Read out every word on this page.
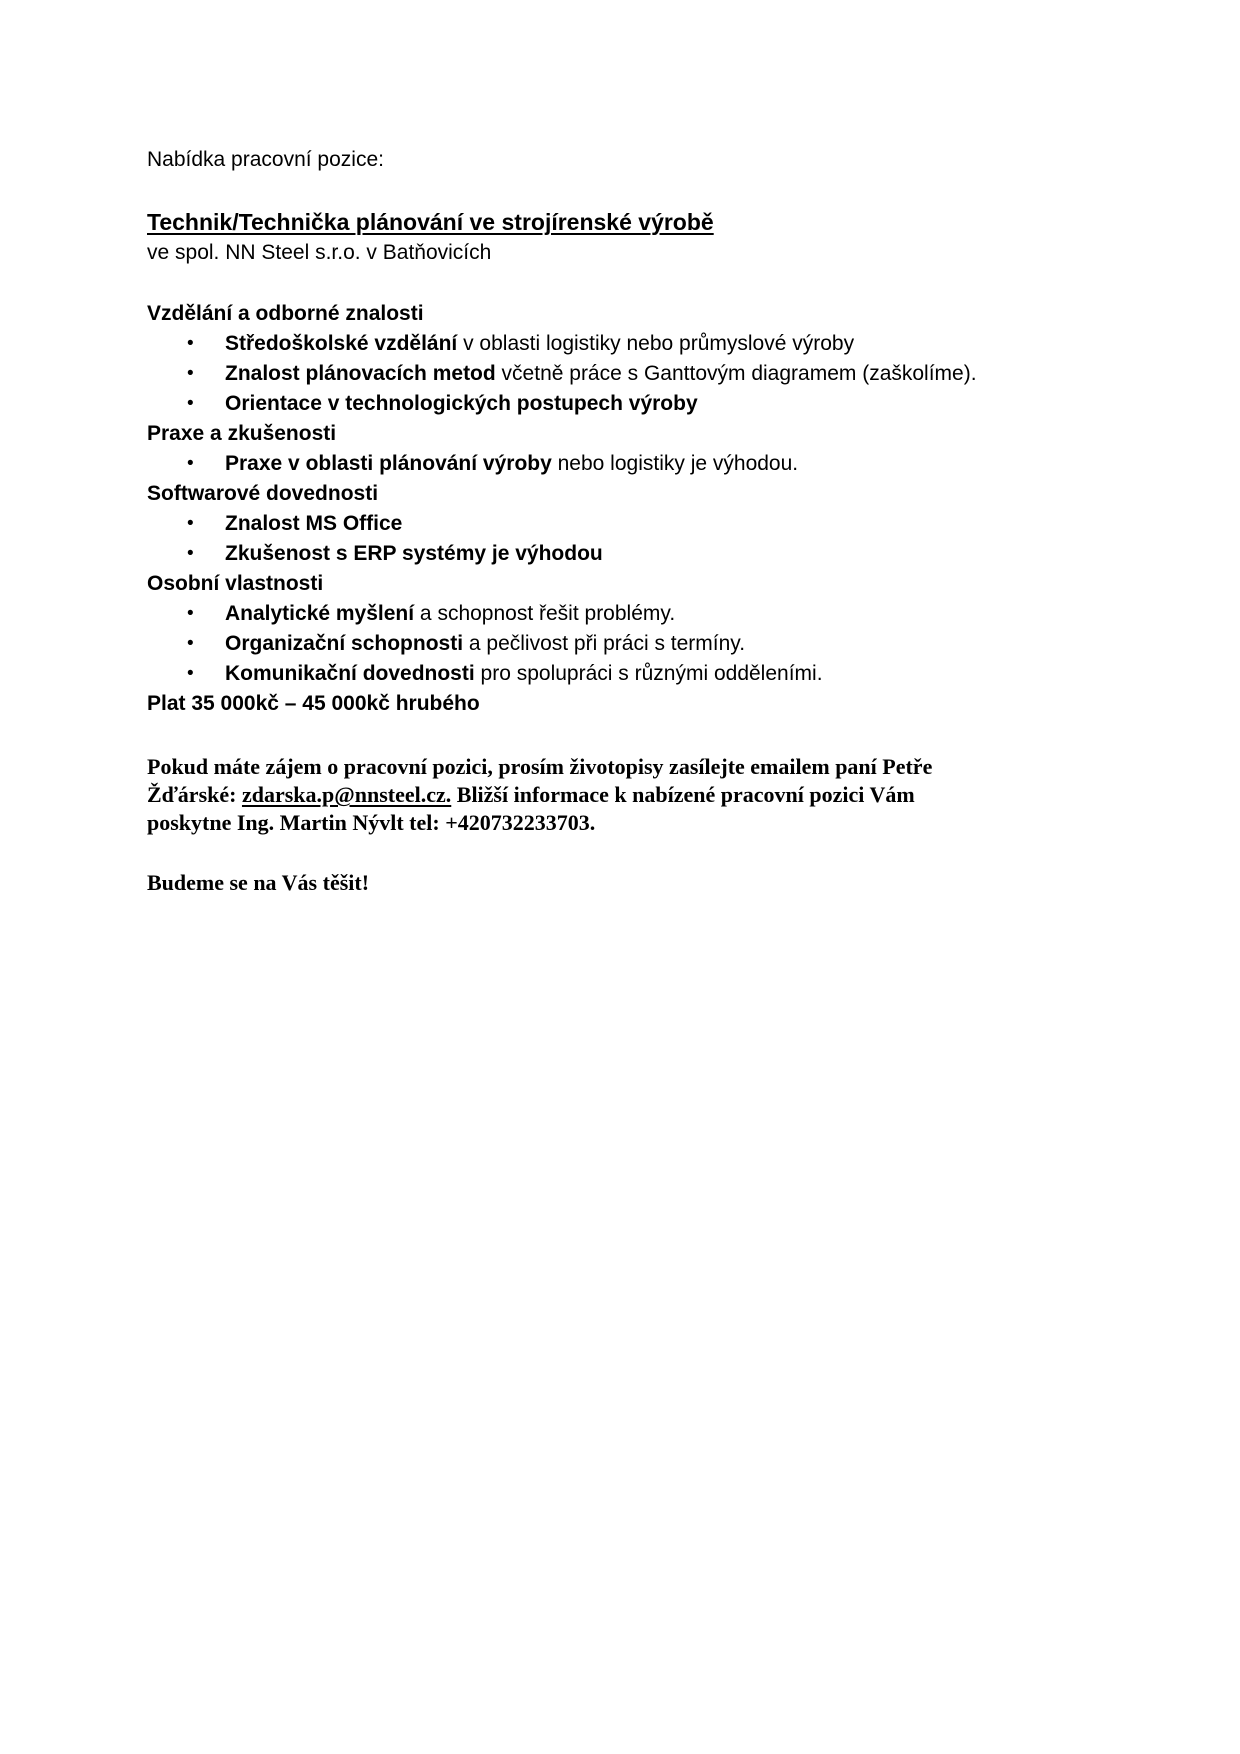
Nabídka pracovní pozice:

Technik/Technička plánování ve strojírenské výrobě

ve spol. NN Steel s.r.o. v Batňovicích

Vzdělání a odborné znalosti

• Středoškolské vzdělání v oblasti logistiky nebo průmyslové výroby
• Znalost plánovacích metod včetně práce s Ganttovým diagramem (zaškolíme).
• Orientace v technologických postupech výroby

Praxe a zkušenosti

• Praxe v oblasti plánování výroby nebo logistiky je výhodou.

Softwarové dovednosti

• Znalost MS Office
• Zkušenost s ERP systémy je výhodou

Osobní vlastnosti

• Analytické myšlení a schopnost řešit problémy.
• Organizační schopnosti a pečlivost při práci s termíny.
• Komunikační dovednosti pro spolupráci s různými odděleními.

Plat 35 000kč – 45 000kč hrubého

Pokud máte zájem o pracovní pozici, prosím životopisy zasílejte emailem paní Petře
Žďárské: zdarska.p@nnsteel.cz. Bližší informace k nabízené pracovní pozici Vám
poskytne Ing. Martin Nývlt tel: +420732233703.

Budeme se na Vás těšit!
